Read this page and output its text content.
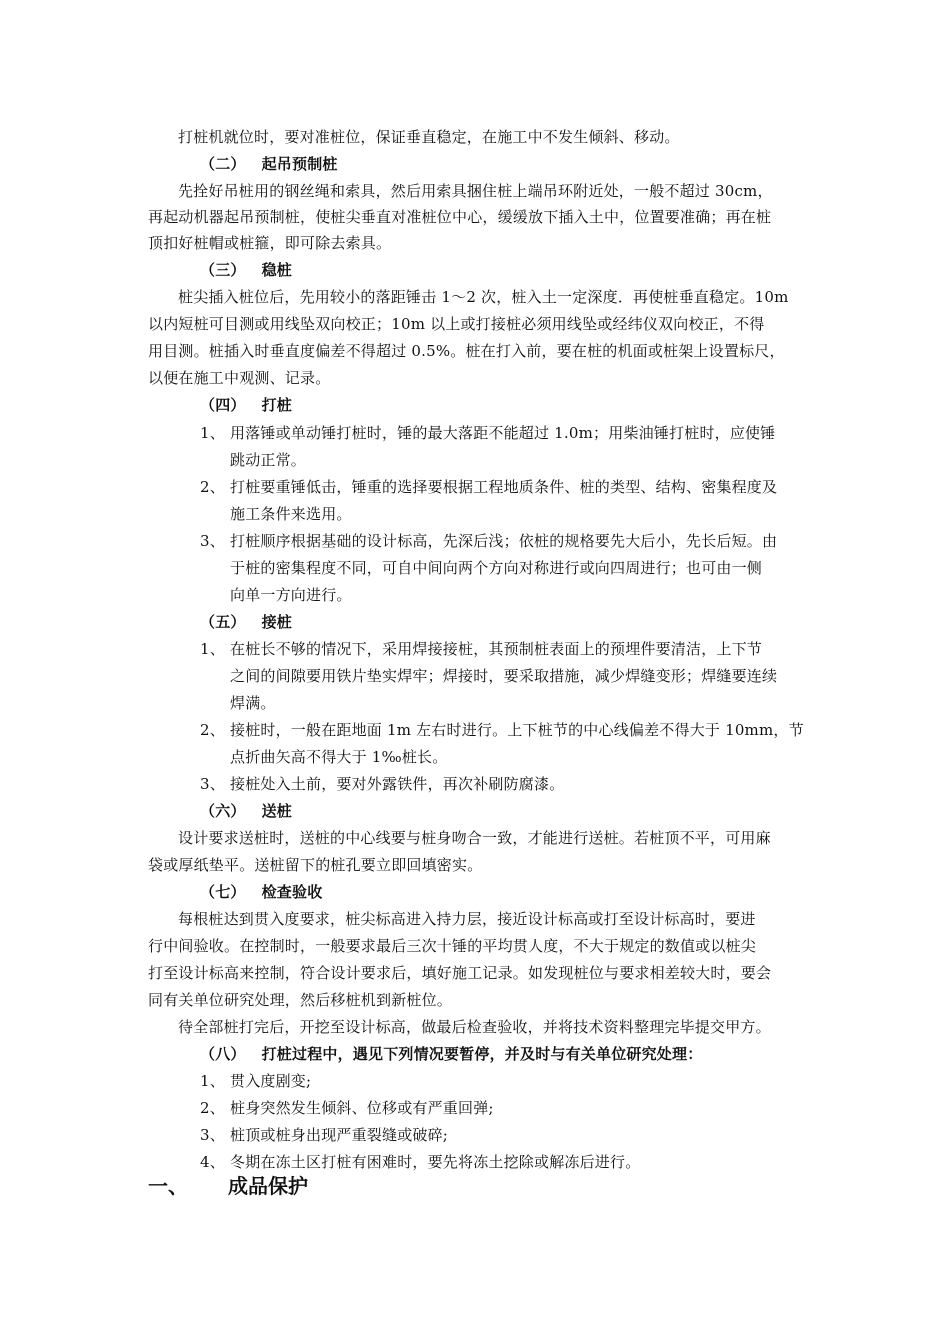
打桩机就位时，要对准桩位，保证垂直稳定，在施工中不发生倾斜、移动。
（二） 起吊预制桩
先拴好吊桩用的钢丝绳和索具，然后用索具捆住桩上端吊环附近处，一般不超过 30cm，
再起动机器起吊预制桩，使桩尖垂直对准桩位中心，缓缓放下插入土中，位置要准确；再在桩
顶扣好桩帽或桩箍，即可除去索具。
（三） 稳桩
桩尖插入桩位后，先用较小的落距锤击 1～2 次，桩入土一定深度．再使桩垂直稳定。10m
以内短桩可目测或用线坠双向校正；10m 以上或打接桩必须用线坠或经纬仪双向校正，不得
用目测。桩插入时垂直度偏差不得超过 0.5%。桩在打入前，要在桩的机面或桩架上设置标尺，
以便在施工中观测、记录。
（四） 打桩
1、 用落锤或单动锤打桩时，锤的最大落距不能超过 1.0m；用柴油锤打桩时，应使锤
跳动正常。
2、 打桩要重锤低击，锤重的选择要根据工程地质条件、桩的类型、结构、密集程度及
施工条件来选用。
3、 打桩顺序根据基础的设计标高，先深后浅；依桩的规格要先大后小，先长后短。由
于桩的密集程度不同，可自中间向两个方向对称进行或向四周进行；也可由一侧
向单一方向进行。
（五） 接桩
1、 在桩长不够的情况下，采用焊接接桩，其预制桩表面上的预埋件要清洁，上下节
之间的间隙要用铁片垫实焊牢；焊接时，要采取措施，减少焊缝变形；焊缝要连续
焊满。
2、 接桩时，一般在距地面 1m 左右时进行。上下桩节的中心线偏差不得大于 10mm，节
点折曲矢高不得大于 1‰桩长。
3、 接桩处入土前，要对外露铁件，再次补刷防腐漆。
（六） 送桩
设计要求送桩时，送桩的中心线要与桩身吻合一致，才能进行送桩。若桩顶不平，可用麻
袋或厚纸垫平。送桩留下的桩孔要立即回填密实。
（七） 检查验收
每根桩达到贯入度要求，桩尖标高进入持力层，接近设计标高或打至设计标高时，要进
行中间验收。在控制时，一般要求最后三次十锤的平均贯人度，不大于规定的数值或以桩尖
打至设计标高来控制，符合设计要求后，填好施工记录。如发现桩位与要求相差较大时，要会
同有关单位研究处理，然后移桩机到新桩位。
待全部桩打完后，开挖至设计标高，做最后检查验收，并将技术资料整理完毕提交甲方。
（八） 打桩过程中，遇见下列情况要暂停，并及时与有关单位研究处理：
1、 贯入度剧变;
2、 桩身突然发生倾斜、位移或有严重回弹;
3、 桩顶或桩身出现严重裂缝或破碎;
4、 冬期在冻土区打桩有困难时，要先将冻土挖除或解冻后进行。
一、 成品保护
